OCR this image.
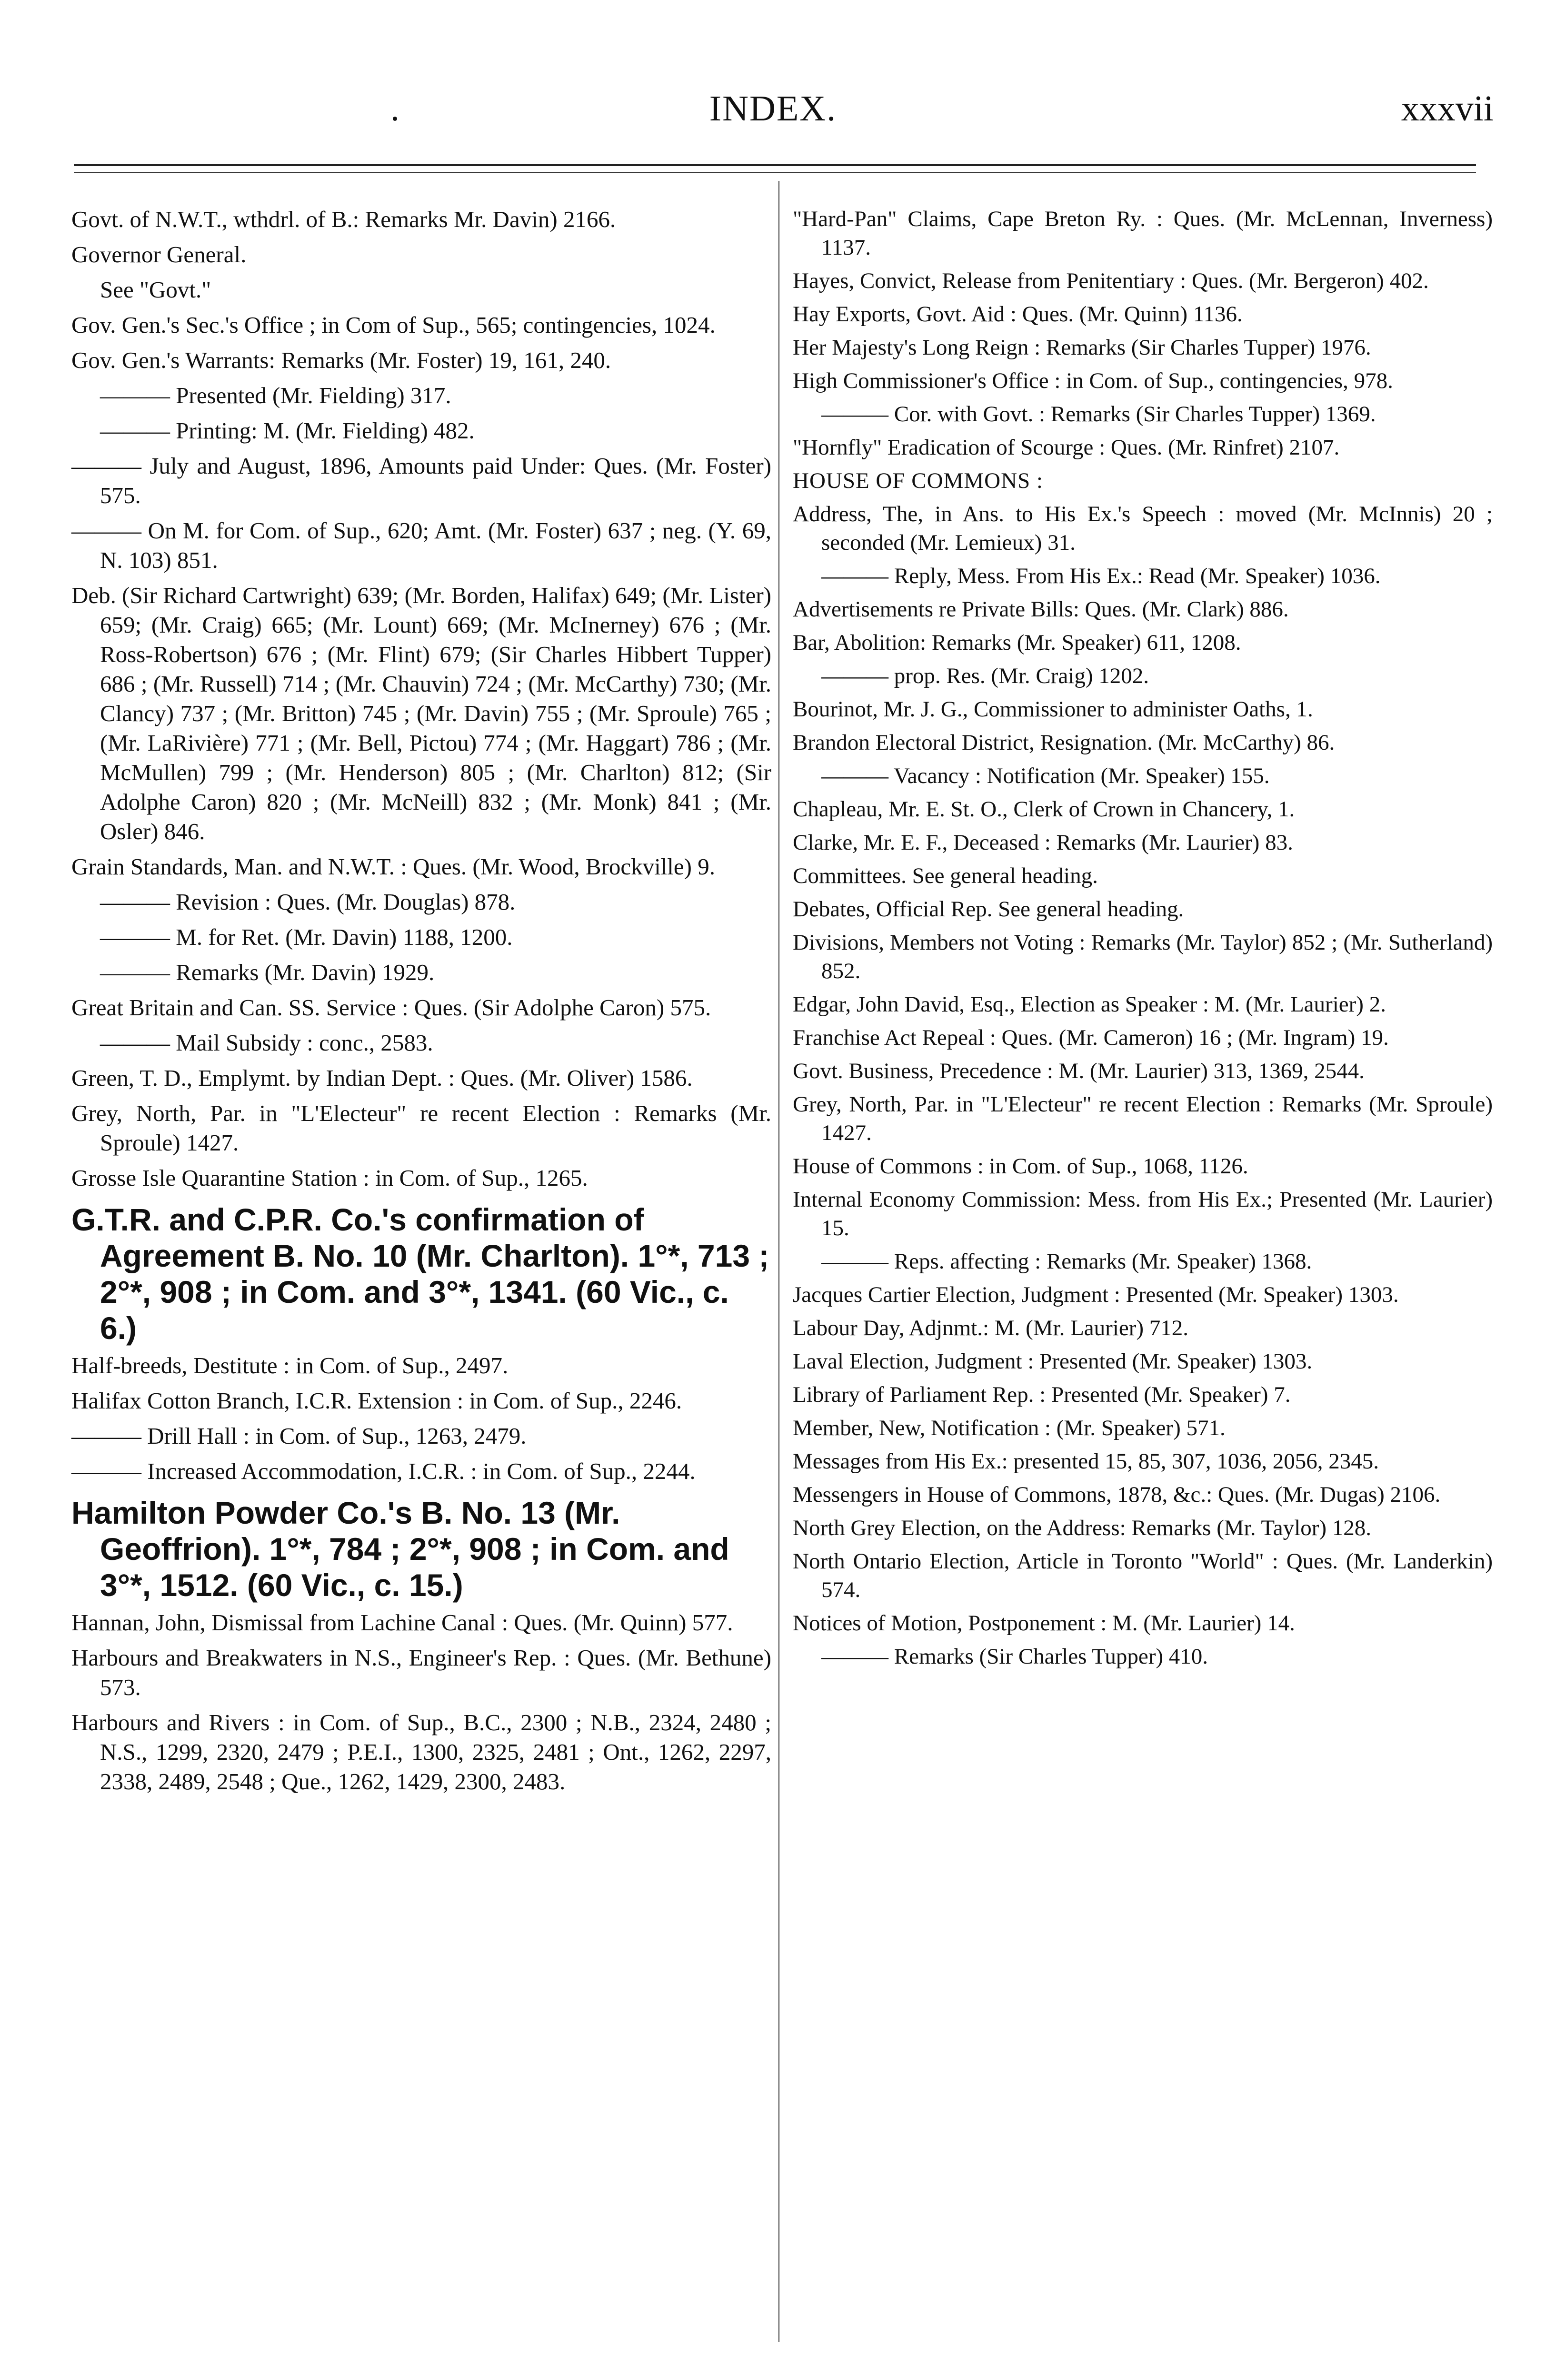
.	INDEX.	xxxvii
Govt. of N.W.T., wthdrl. of B.: Remarks Mr. Davin) 2166.
Governor General.
See "Govt."
Gov. Gen.'s Sec.'s Office ; in Com of Sup., 565; contingencies, 1024.
Gov. Gen.'s Warrants: Remarks (Mr. Foster) 19, 161, 240.
——— Presented (Mr. Fielding) 317.
——— Printing: M. (Mr. Fielding) 482.
——— July and August, 1896, Amounts paid Under: Ques. (Mr. Foster) 575.
——— On M. for Com. of Sup., 620; Amt. (Mr. Foster) 637 ; neg. (Y. 69, N. 103) 851.
Deb. (Sir Richard Cartwright) 639; (Mr. Borden, Halifax) 649; (Mr. Lister) 659; (Mr. Craig) 665; (Mr. Lount) 669; (Mr. McInerney) 676 ; (Mr. Ross-Robertson) 676 ; (Mr. Flint) 679; (Sir Charles Hibbert Tupper) 686 ; (Mr. Russell) 714 ; (Mr. Chauvin) 724 ; (Mr. McCarthy) 730; (Mr. Clancy) 737 ; (Mr. Britton) 745 ; (Mr. Davin) 755 ; (Mr. Sproule) 765 ; (Mr. LaRivière) 771 ; (Mr. Bell, Pictou) 774 ; (Mr. Haggart) 786 ; (Mr. McMullen) 799 ; (Mr. Henderson) 805 ; (Mr. Charlton) 812; (Sir Adolphe Caron) 820 ; (Mr. McNeill) 832 ; (Mr. Monk) 841 ; (Mr. Osler) 846.
Grain Standards, Man. and N.W.T. : Ques. (Mr. Wood, Brockville) 9.
——— Revision : Ques. (Mr. Douglas) 878.
——— M. for Ret. (Mr. Davin) 1188, 1200.
——— Remarks (Mr. Davin) 1929.
Great Britain and Can. SS. Service : Ques. (Sir Adolphe Caron) 575.
——— Mail Subsidy : conc., 2583.
Green, T. D., Emplymt. by Indian Dept. : Ques. (Mr. Oliver) 1586.
Grey, North, Par. in "L'Electeur" re recent Election : Remarks (Mr. Sproule) 1427.
Grosse Isle Quarantine Station : in Com. of Sup., 1265.
G.T.R. and C.P.R. Co.'s confirmation of Agreement B. No. 10 (Mr. Charlton). 1°*, 713 ; 2°*, 908 ; in Com. and 3°*, 1341. (60 Vic., c. 6.)
Half-breeds, Destitute : in Com. of Sup., 2497.
Halifax Cotton Branch, I.C.R. Extension : in Com. of Sup., 2246.
——— Drill Hall : in Com. of Sup., 1263, 2479.
——— Increased Accommodation, I.C.R. : in Com. of Sup., 2244.
Hamilton Powder Co.'s B. No. 13 (Mr. Geoffrion). 1°*, 784 ; 2°*, 908 ; in Com. and 3°*, 1512. (60 Vic., c. 15.)
Hannan, John, Dismissal from Lachine Canal : Ques. (Mr. Quinn) 577.
Harbours and Breakwaters in N.S., Engineer's Rep. : Ques. (Mr. Bethune) 573.
Harbours and Rivers : in Com. of Sup., B.C., 2300 ; N.B., 2324, 2480 ; N.S., 1299, 2320, 2479 ; P.E.I., 1300, 2325, 2481 ; Ont., 1262, 2297, 2338, 2489, 2548 ; Que., 1262, 1429, 2300, 2483.
"Hard-Pan" Claims, Cape Breton Ry. : Ques. (Mr. McLennan, Inverness) 1137.
Hayes, Convict, Release from Penitentiary : Ques. (Mr. Bergeron) 402.
Hay Exports, Govt. Aid : Ques. (Mr. Quinn) 1136.
Her Majesty's Long Reign : Remarks (Sir Charles Tupper) 1976.
High Commissioner's Office : in Com. of Sup., contingencies, 978.
——— Cor. with Govt. : Remarks (Sir Charles Tupper) 1369.
"Hornfly" Eradication of Scourge : Ques. (Mr. Rinfret) 2107.
HOUSE OF COMMONS :
Address, The, in Ans. to His Ex.'s Speech : moved (Mr. McInnis) 20 ; seconded (Mr. Lemieux) 31.
——— Reply, Mess. From His Ex.: Read (Mr. Speaker) 1036.
Advertisements re Private Bills: Ques. (Mr. Clark) 886.
Bar, Abolition: Remarks (Mr. Speaker) 611, 1208.
——— prop. Res. (Mr. Craig) 1202.
Bourinot, Mr. J. G., Commissioner to administer Oaths, 1.
Brandon Electoral District, Resignation. (Mr. McCarthy) 86.
——— Vacancy : Notification (Mr. Speaker) 155.
Chapleau, Mr. E. St. O., Clerk of Crown in Chancery, 1.
Clarke, Mr. E. F., Deceased : Remarks (Mr. Laurier) 83.
Committees. See general heading.
Debates, Official Rep. See general heading.
Divisions, Members not Voting : Remarks (Mr. Taylor) 852 ; (Mr. Sutherland) 852.
Edgar, John David, Esq., Election as Speaker : M. (Mr. Laurier) 2.
Franchise Act Repeal : Ques. (Mr. Cameron) 16 ; (Mr. Ingram) 19.
Govt. Business, Precedence : M. (Mr. Laurier) 313, 1369, 2544.
Grey, North, Par. in "L'Electeur" re recent Election : Remarks (Mr. Sproule) 1427.
House of Commons : in Com. of Sup., 1068, 1126.
Internal Economy Commission: Mess. from His Ex.; Presented (Mr. Laurier) 15.
——— Reps. affecting : Remarks (Mr. Speaker) 1368.
Jacques Cartier Election, Judgment : Presented (Mr. Speaker) 1303.
Labour Day, Adjnmt.: M. (Mr. Laurier) 712.
Laval Election, Judgment : Presented (Mr. Speaker) 1303.
Library of Parliament Rep. : Presented (Mr. Speaker) 7.
Member, New, Notification : (Mr. Speaker) 571.
Messages from His Ex.: presented 15, 85, 307, 1036, 2056, 2345.
Messengers in House of Commons, 1878, &c.: Ques. (Mr. Dugas) 2106.
North Grey Election, on the Address: Remarks (Mr. Taylor) 128.
North Ontario Election, Article in Toronto "World" : Ques. (Mr. Landerkin) 574.
Notices of Motion, Postponement : M. (Mr. Laurier) 14.
——— Remarks (Sir Charles Tupper) 410.
